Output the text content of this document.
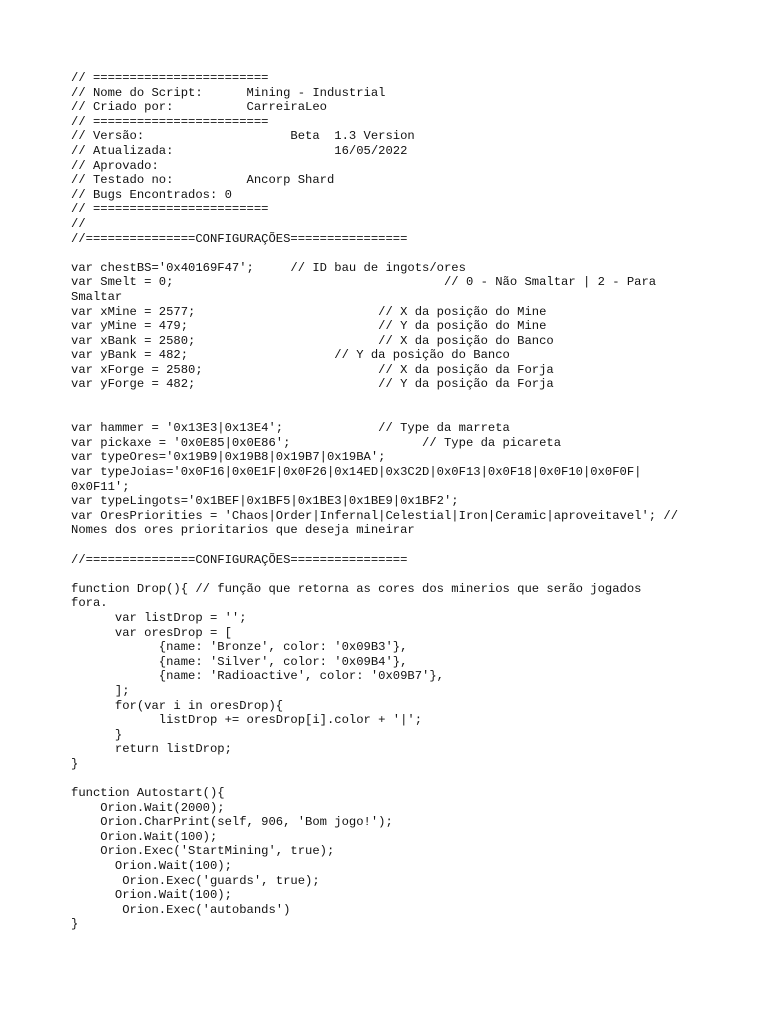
// ========================
// Nome do Script:      Mining - Industrial
// Criado por:          CarreiraLeo
// ========================
// Versão:                    Beta  1.3 Version
// Atualizada:                      16/05/2022
// Aprovado:
// Testado no:          Ancorp Shard
// Bugs Encontrados: 0
// ========================
//
//===============CONFIGURAÇÕES================

var chestBS='0x40169F47';     // ID bau de ingots/ores
var Smelt = 0;                                     // 0 - Não Smaltar | 2 - Para
Smaltar
var xMine = 2577;                         // X da posição do Mine
var yMine = 479;                          // Y da posição do Mine
var xBank = 2580;                         // X da posição do Banco
var yBank = 482;                    // Y da posição do Banco
var xForge = 2580;                        // X da posição da Forja
var yForge = 482;                         // Y da posição da Forja

var hammer = '0x13E3|0x13E4';             // Type da marreta
var pickaxe = '0x0E85|0x0E86';                  // Type da picareta
var typeOres='0x19B9|0x19B8|0x19B7|0x19BA';
var typeJoias='0x0F16|0x0E1F|0x0F26|0x14ED|0x3C2D|0x0F13|0x0F18|0x0F10|0x0F0F|
0x0F11';
var typeLingots='0x1BEF|0x1BF5|0x1BE3|0x1BE9|0x1BF2';
var OresPriorities = 'Chaos|Order|Infernal|Celestial|Iron|Ceramic|aproveitavel'; //
Nomes dos ores prioritarios que deseja mineirar

//===============CONFIGURAÇÕES================

function Drop(){ // função que retorna as cores dos minerios que serão jogados
fora.
var listDrop = '';
var oresDrop = [
{name: 'Bronze', color: '0x09B3'},
{name: 'Silver', color: '0x09B4'},
{name: 'Radioactive', color: '0x09B7'},
];
for(var i in oresDrop){
listDrop += oresDrop[i].color + '|';
}
return listDrop;
}

function Autostart(){
Orion.Wait(2000);
Orion.CharPrint(self, 906, 'Bom jogo!');
Orion.Wait(100);
Orion.Exec('StartMining', true);
Orion.Wait(100);
Orion.Exec('guards', true);
Orion.Wait(100);
Orion.Exec('autobands')
}
